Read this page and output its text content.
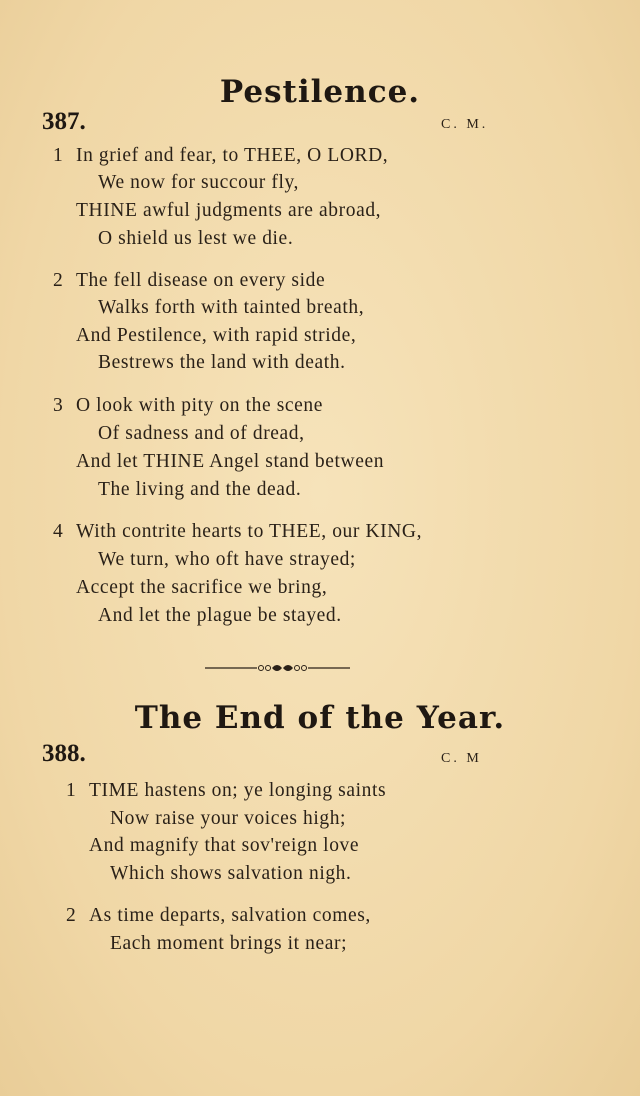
Pestilence.
387.	C. M.
1
2
3
4
In grief and fear, to THEE, O LORD,
We now for succour fly,
THINE awful judgments are abroad,
O shield us lest we die.
The fell disease on every side
Walks forth with tainted breath,
And Pestilence, with rapid stride,
Bestrews the land with death.
O look with pity on the scene
Of sadness and of dread,
And let THINE Angel stand between
The living and the dead.
With contrite hearts to THEE, our KING,
We turn, who oft have strayed;
Accept the sacrifice we bring,
And let the plague be stayed.
The End of the Year.
388.	C. M
1 TIME hastens on; ye longing saints
Now raise your voices high;
And magnify that sov'reign love
Which shows salvation nigh.
2 As time departs, salvation comes,
Each moment brings it near;
